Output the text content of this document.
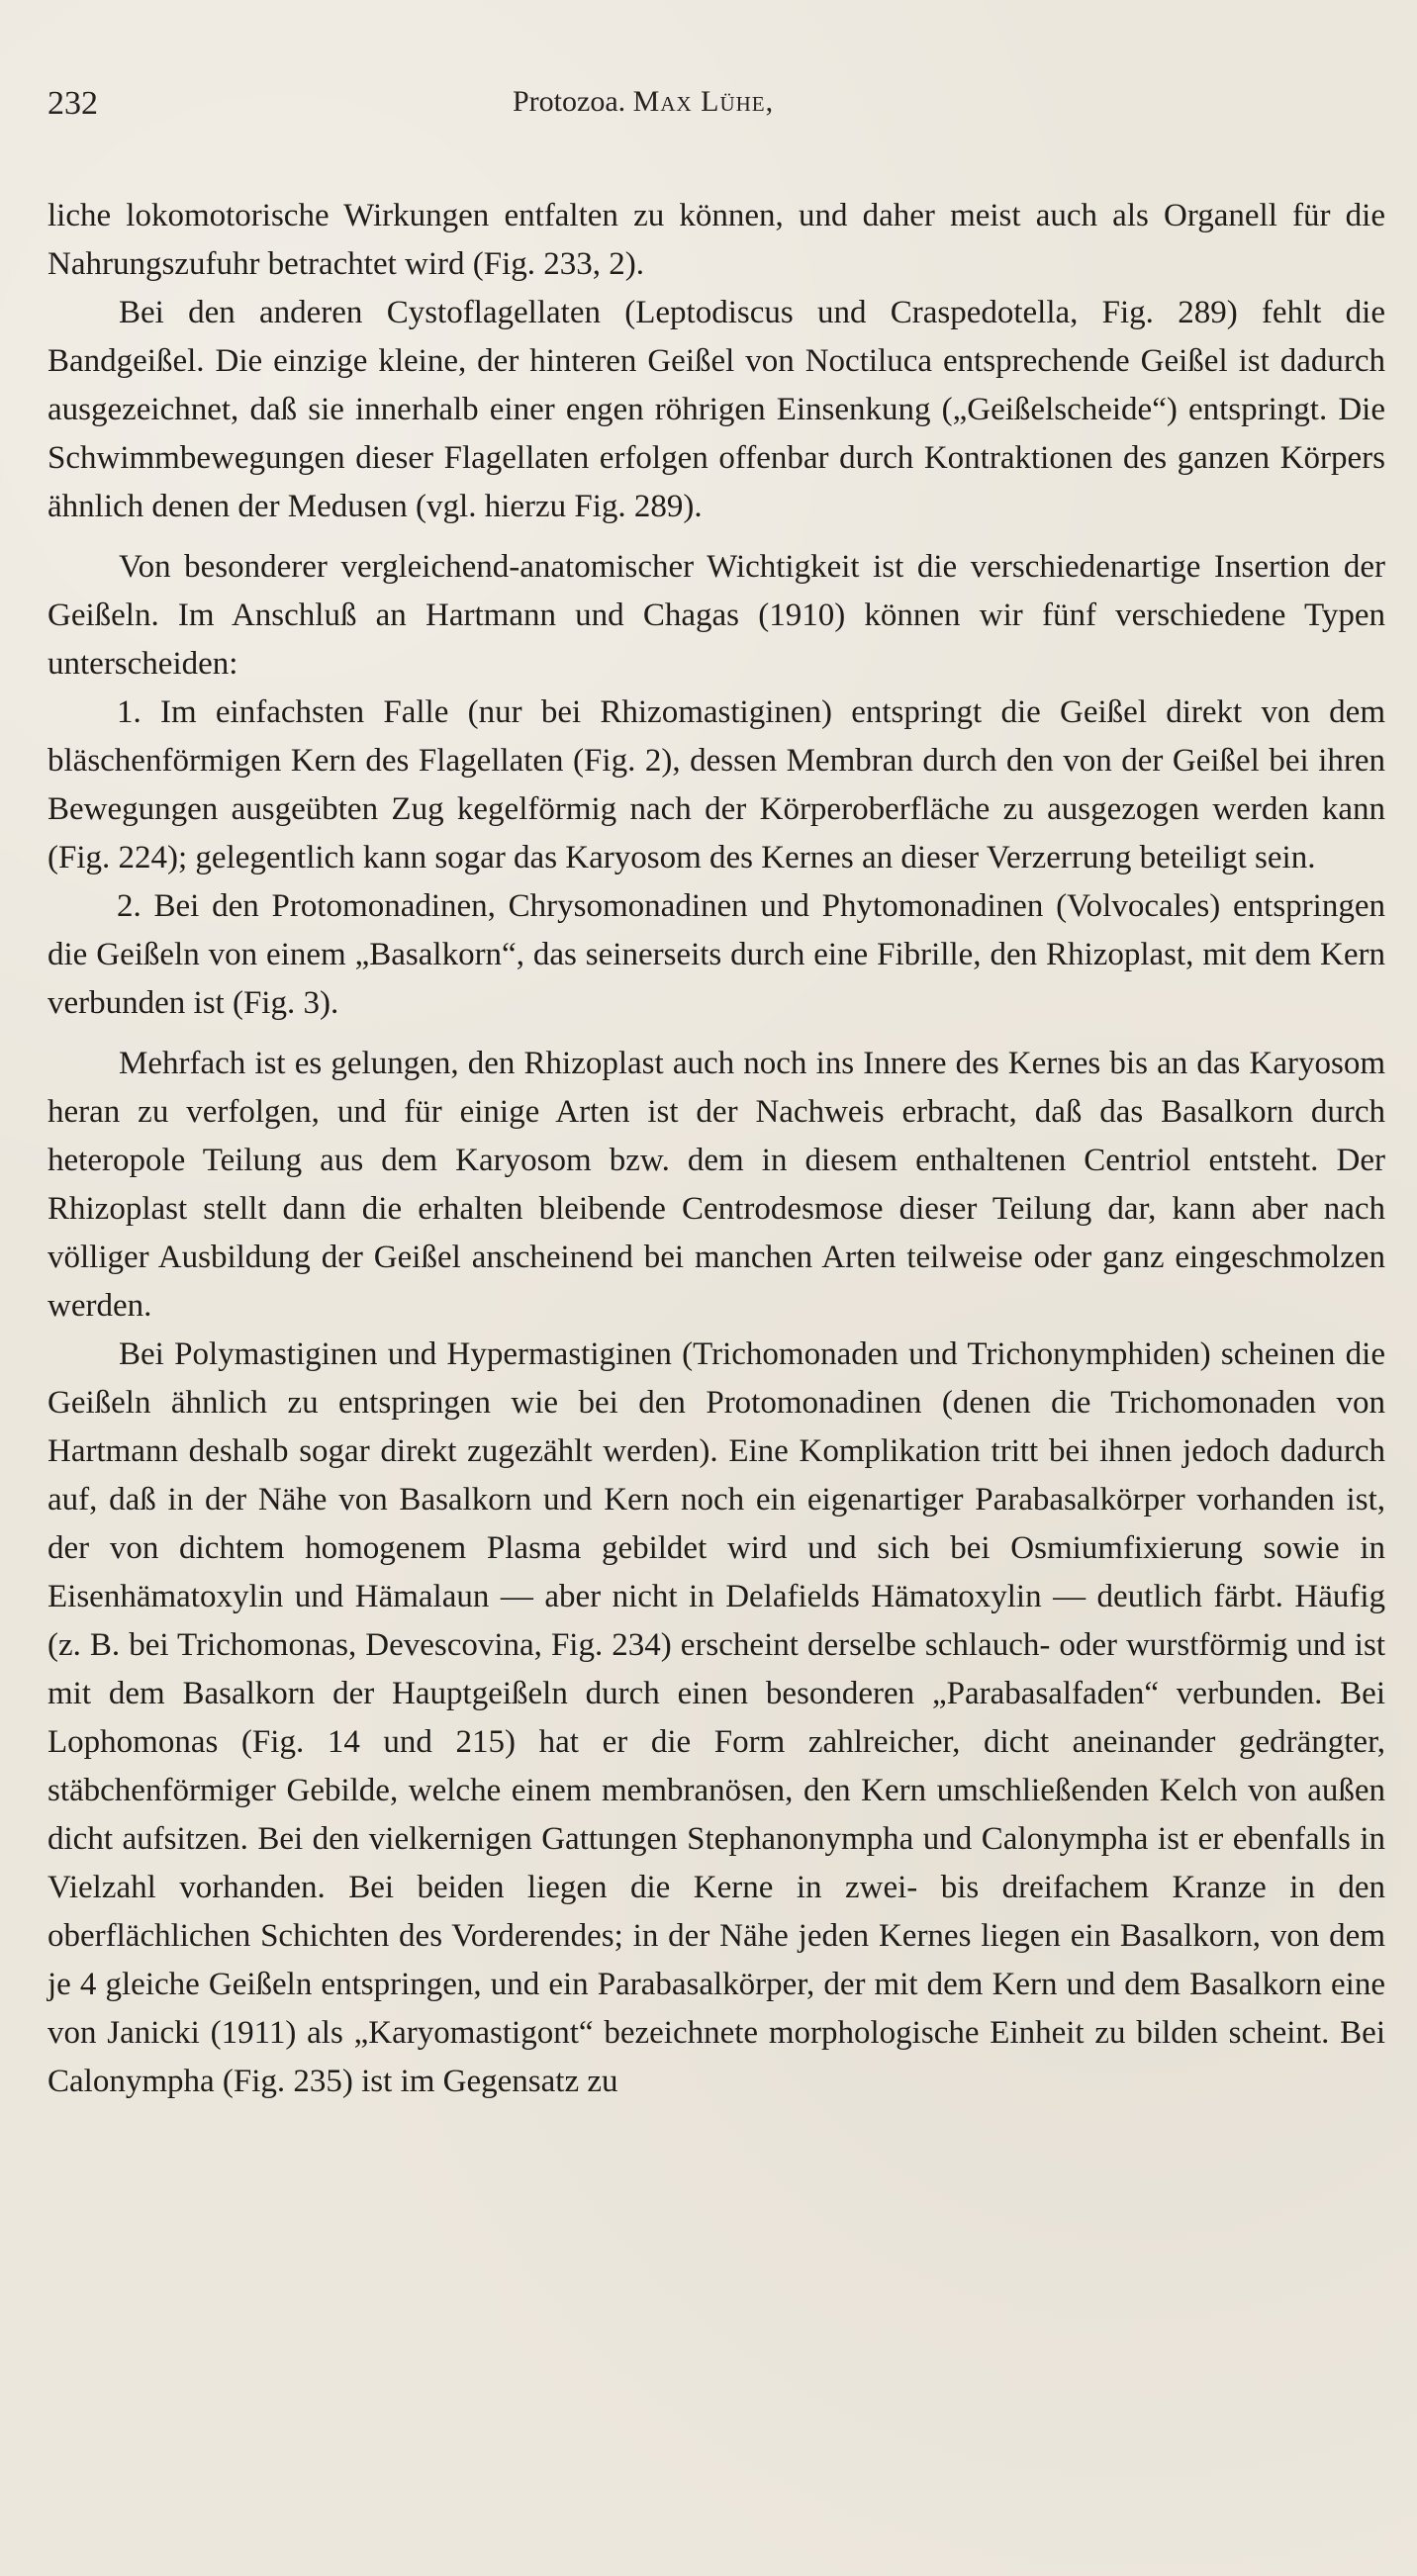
232	Protozoa. Max Lühe,

liche lokomotorische Wirkungen entfalten zu können, und daher meist auch als Organell für die Nahrungszufuhr betrachtet wird (Fig. 233, 2).

Bei den anderen Cystoflagellaten (Leptodiscus und Craspedotella, Fig. 289) fehlt die Bandgeißel. Die einzige kleine, der hinteren Geißel von Noctiluca entsprechende Geißel ist dadurch ausgezeichnet, daß sie innerhalb einer engen röhrigen Einsenkung („Geißelscheide“) entspringt. Die Schwimmbewegungen dieser Flagellaten erfolgen offenbar durch Kontraktionen des ganzen Körpers ähnlich denen der Medusen (vgl. hierzu Fig. 289).

Von besonderer vergleichend-anatomischer Wichtigkeit ist die verschiedenartige Insertion der Geißeln. Im Anschluß an Hartmann und Chagas (1910) können wir fünf verschiedene Typen unterscheiden:

1. Im einfachsten Falle (nur bei Rhizomastiginen) entspringt die Geißel direkt von dem bläschenförmigen Kern des Flagellaten (Fig. 2), dessen Membran durch den von der Geißel bei ihren Bewegungen ausgeübten Zug kegelförmig nach der Körperoberfläche zu ausgezogen werden kann (Fig. 224); gelegentlich kann sogar das Karyosom des Kernes an dieser Verzerrung beteiligt sein.

2. Bei den Protomonadinen, Chrysomonadinen und Phytomonadinen (Volvocales) entspringen die Geißeln von einem „Basalkorn“, das seinerseits durch eine Fibrille, den Rhizoplast, mit dem Kern verbunden ist (Fig. 3).

Mehrfach ist es gelungen, den Rhizoplast auch noch ins Innere des Kernes bis an das Karyosom heran zu verfolgen, und für einige Arten ist der Nachweis erbracht, daß das Basalkorn durch heteropole Teilung aus dem Karyosom bzw. dem in diesem enthaltenen Centriol entsteht. Der Rhizoplast stellt dann die erhalten bleibende Centrodesmose dieser Teilung dar, kann aber nach völliger Ausbildung der Geißel anscheinend bei manchen Arten teilweise oder ganz eingeschmolzen werden.

Bei Polymastiginen und Hypermastiginen (Trichomonaden und Trichonymphiden) scheinen die Geißeln ähnlich zu entspringen wie bei den Protomonadinen (denen die Trichomonaden von Hartmann deshalb sogar direkt zugezählt werden). Eine Komplikation tritt bei ihnen jedoch dadurch auf, daß in der Nähe von Basalkorn und Kern noch ein eigenartiger Parabasalkörper vorhanden ist, der von dichtem homogenem Plasma gebildet wird und sich bei Osmiumfixierung sowie in Eisenhämatoxylin und Hämalaun — aber nicht in Delafields Hämatoxylin — deutlich färbt. Häufig (z. B. bei Trichomonas, Devescovina, Fig. 234) erscheint derselbe schlauch- oder wurstförmig und ist mit dem Basalkorn der Hauptgeißeln durch einen besonderen „Parabasalfaden“ verbunden. Bei Lophomonas (Fig. 14 und 215) hat er die Form zahlreicher, dicht aneinander gedrängter, stäbchenförmiger Gebilde, welche einem membranösen, den Kern umschließenden Kelch von außen dicht aufsitzen. Bei den vielkernigen Gattungen Stephanonympha und Calonympha ist er ebenfalls in Vielzahl vorhanden. Bei beiden liegen die Kerne in zwei- bis dreifachem Kranze in den oberflächlichen Schichten des Vorderendes; in der Nähe jeden Kernes liegen ein Basalkorn, von dem je 4 gleiche Geißeln entspringen, und ein Parabasalkörper, der mit dem Kern und dem Basalkorn eine von Janicki (1911) als „Karyomastigont“ bezeichnete morphologische Einheit zu bilden scheint. Bei Calonympha (Fig. 235) ist im Gegensatz zu
